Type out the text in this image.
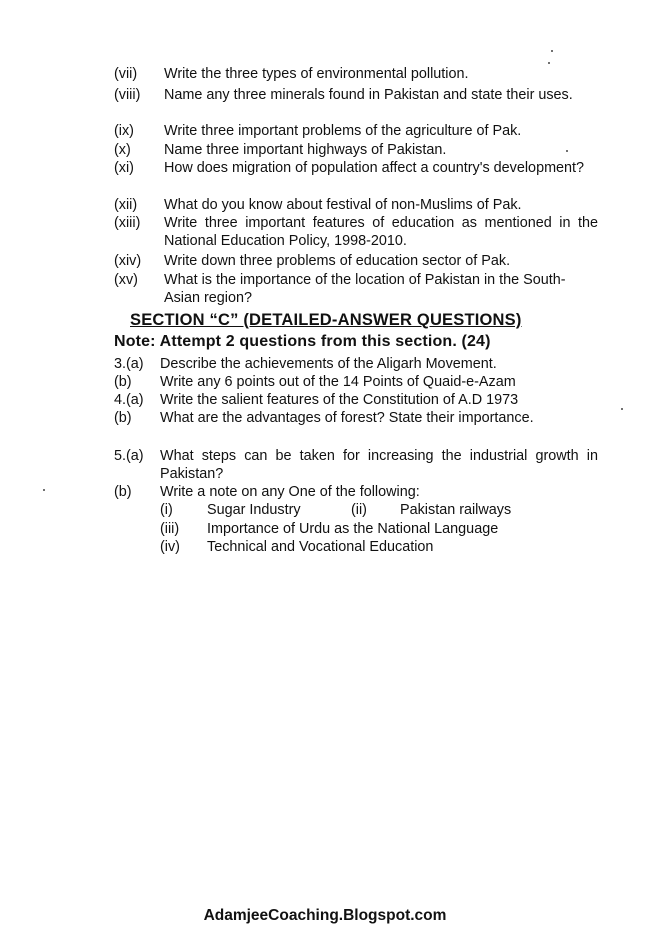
(vii) Write the three types of environmental pollution.
(viii) Name any three minerals found in Pakistan and state their uses.
(ix) Write three important problems of the agriculture of Pak.
(x) Name three important highways of Pakistan.
(xi) How does migration of population affect a country's development?
(xii) What do you know about festival of non-Muslims of Pak.
(xiii) Write three important features of education as mentioned in the National Education Policy, 1998-2010.
(xiv) Write down three problems of education sector of Pak.
(xv) What is the importance of the location of Pakistan in the South-Asian region?
SECTION “C” (DETAILED-ANSWER QUESTIONS)
Note: Attempt 2 questions from this section. (24)
3.(a) Describe the achievements of the Aligarh Movement.
(b) Write any 6 points out of the 14 Points of Quaid-e-Azam
4.(a) Write the salient features of the Constitution of A.D 1973
(b) What are the advantages of forest? State their importance.
5.(a) What steps can be taken for increasing the industrial growth in Pakistan?
(b) Write a note on any One of the following:
(i) Sugar Industry	(ii) Pakistan railways
(iii) Importance of Urdu as the National Language
(iv) Technical and Vocational Education
AdamjeeCoaching.Blogspot.com
